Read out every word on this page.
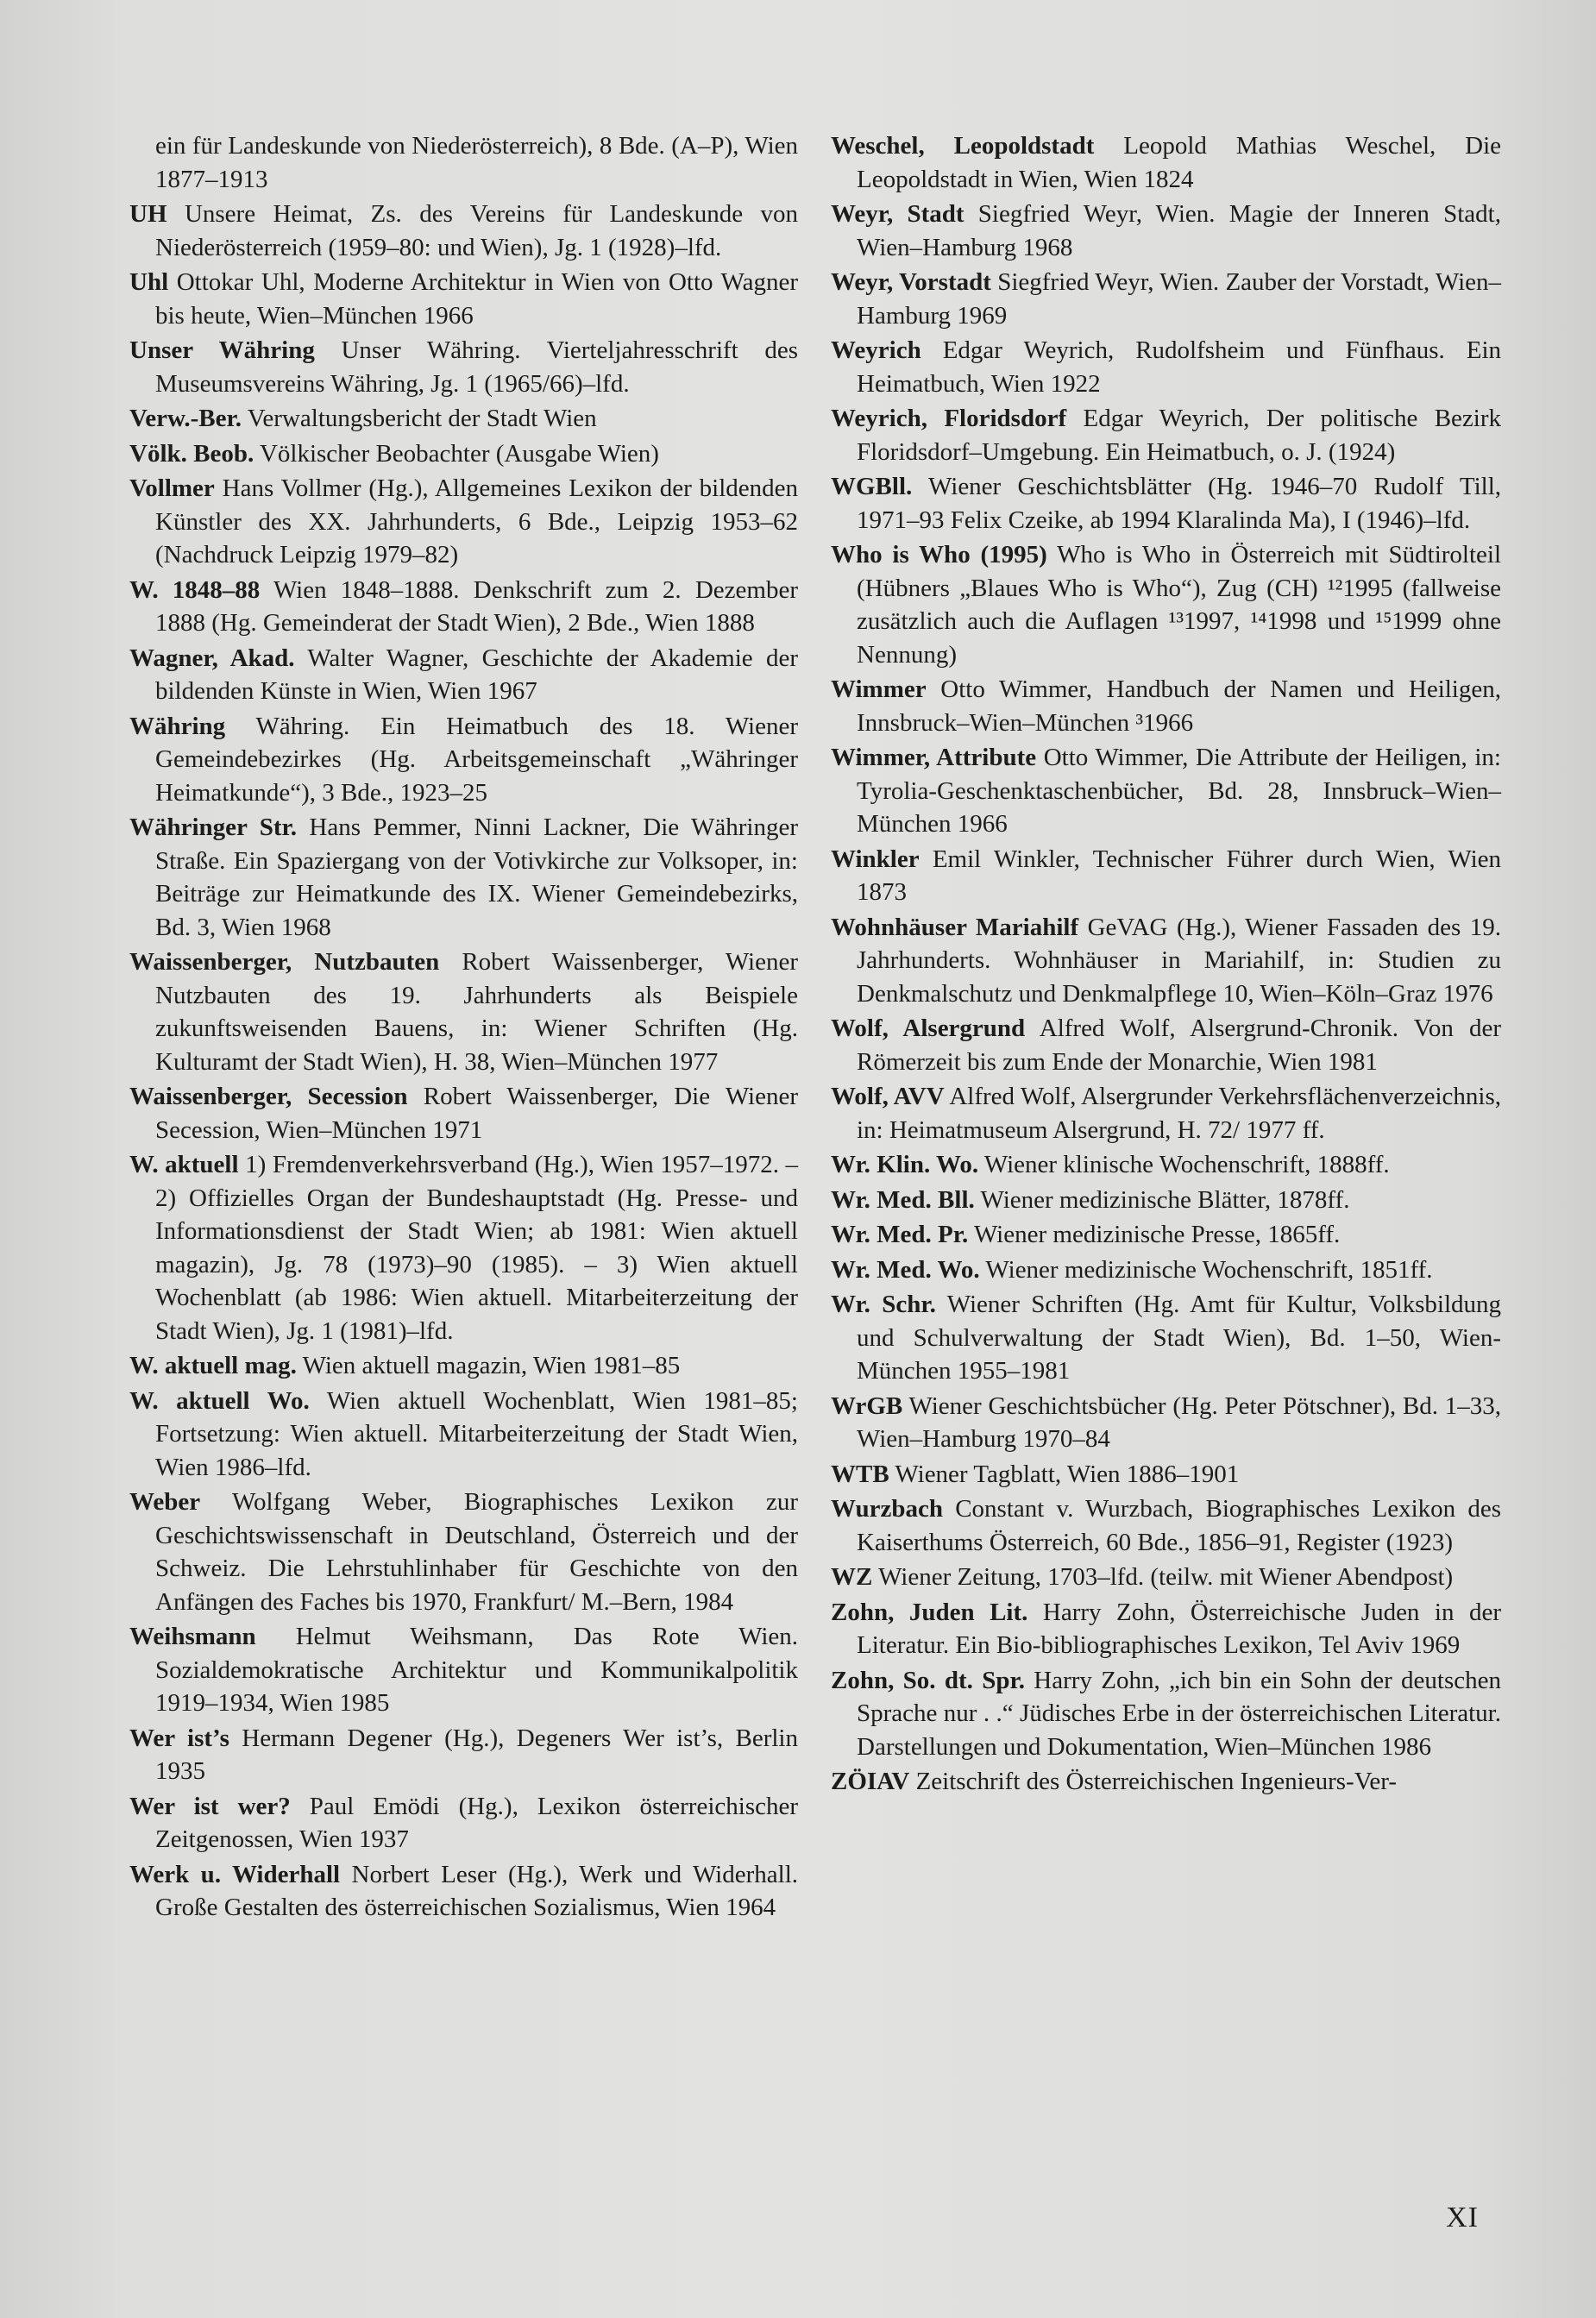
ein für Landeskunde von Niederösterreich), 8 Bde. (A–P), Wien 1877–1913
UH Unsere Heimat, Zs. des Vereins für Landeskunde von Niederösterreich (1959–80: und Wien), Jg. 1 (1928)–lfd.
Uhl Ottokar Uhl, Moderne Architektur in Wien von Otto Wagner bis heute, Wien–München 1966
Unser Währing Unser Währing. Vierteljahresschrift des Museumsvereins Währing, Jg. 1 (1965/66)–lfd.
Verw.-Ber. Verwaltungsbericht der Stadt Wien
Völk. Beob. Völkischer Beobachter (Ausgabe Wien)
Vollmer Hans Vollmer (Hg.), Allgemeines Lexikon der bildenden Künstler des XX. Jahrhunderts, 6 Bde., Leipzig 1953–62 (Nachdruck Leipzig 1979–82)
W. 1848–88 Wien 1848–1888. Denkschrift zum 2. Dezember 1888 (Hg. Gemeinderat der Stadt Wien), 2 Bde., Wien 1888
Wagner, Akad. Walter Wagner, Geschichte der Akademie der bildenden Künste in Wien, Wien 1967
Währing Währing. Ein Heimatbuch des 18. Wiener Gemeindebezirkes (Hg. Arbeitsgemeinschaft „Währinger Heimatkunde“), 3 Bde., 1923–25
Währinger Str. Hans Pemmer, Ninni Lackner, Die Währinger Straße. Ein Spaziergang von der Votivkirche zur Volksoper, in: Beiträge zur Heimatkunde des IX. Wiener Gemeindebezirks, Bd. 3, Wien 1968
Waissenberger, Nutzbauten Robert Waissenberger, Wiener Nutzbauten des 19. Jahrhunderts als Beispiele zukunftsweisenden Bauens, in: Wiener Schriften (Hg. Kulturamt der Stadt Wien), H. 38, Wien–München 1977
Waissenberger, Secession Robert Waissenberger, Die Wiener Secession, Wien–München 1971
W. aktuell 1) Fremdenverkehrsverband (Hg.), Wien 1957–1972. – 2) Offizielles Organ der Bundeshauptstadt (Hg. Presse- und Informationsdienst der Stadt Wien; ab 1981: Wien aktuell magazin), Jg. 78 (1973)–90 (1985). – 3) Wien aktuell Wochenblatt (ab 1986: Wien aktuell. Mitarbeiterzeitung der Stadt Wien), Jg. 1 (1981)–lfd.
W. aktuell mag. Wien aktuell magazin, Wien 1981–85
W. aktuell Wo. Wien aktuell Wochenblatt, Wien 1981–85; Fortsetzung: Wien aktuell. Mitarbeiterzeitung der Stadt Wien, Wien 1986–lfd.
Weber Wolfgang Weber, Biographisches Lexikon zur Geschichtswissenschaft in Deutschland, Österreich und der Schweiz. Die Lehrstuhlinhaber für Geschichte von den Anfängen des Faches bis 1970, Frankfurt/ M.–Bern, 1984
Weihsmann Helmut Weihsmann, Das Rote Wien. Sozialdemokratische Architektur und Kommunikalpolitik 1919–1934, Wien 1985
Wer ist’s Hermann Degener (Hg.), Degeners Wer ist’s, Berlin 1935
Wer ist wer? Paul Emödi (Hg.), Lexikon österreichischer Zeitgenossen, Wien 1937
Werk u. Widerhall Norbert Leser (Hg.), Werk und Widerhall. Große Gestalten des österreichischen Sozialismus, Wien 1964
Weschel, Leopoldstadt Leopold Mathias Weschel, Die Leopoldstadt in Wien, Wien 1824
Weyr, Stadt Siegfried Weyr, Wien. Magie der Inneren Stadt, Wien–Hamburg 1968
Weyr, Vorstadt Siegfried Weyr, Wien. Zauber der Vorstadt, Wien–Hamburg 1969
Weyrich Edgar Weyrich, Rudolfsheim und Fünfhaus. Ein Heimatbuch, Wien 1922
Weyrich, Floridsdorf Edgar Weyrich, Der politische Bezirk Floridsdorf–Umgebung. Ein Heimatbuch, o. J. (1924)
WGBll. Wiener Geschichtsblätter (Hg. 1946–70 Rudolf Till, 1971–93 Felix Czeike, ab 1994 Klaralinda Ma), I (1946)–lfd.
Who is Who (1995) Who is Who in Österreich mit Südtirolteil (Hübners „Blaues Who is Who“), Zug (CH) ¹²1995 (fallweise zusätzlich auch die Auflagen ¹³1997, ¹⁴1998 und ¹⁵1999 ohne Nennung)
Wimmer Otto Wimmer, Handbuch der Namen und Heiligen, Innsbruck–Wien–München ³1966
Wimmer, Attribute Otto Wimmer, Die Attribute der Heiligen, in: Tyrolia-Geschenktaschenbücher, Bd. 28, Innsbruck–Wien–München 1966
Winkler Emil Winkler, Technischer Führer durch Wien, Wien 1873
Wohnhäuser Mariahilf GeVAG (Hg.), Wiener Fassaden des 19. Jahrhunderts. Wohnhäuser in Mariahilf, in: Studien zu Denkmalschutz und Denkmalpflege 10, Wien–Köln–Graz 1976
Wolf, Alsergrund Alfred Wolf, Alsergrund-Chronik. Von der Römerzeit bis zum Ende der Monarchie, Wien 1981
Wolf, AVV Alfred Wolf, Alsergrunder Verkehrsflächenverzeichnis, in: Heimatmuseum Alsergrund, H. 72/ 1977 ff.
Wr. Klin. Wo. Wiener klinische Wochenschrift, 1888ff.
Wr. Med. Bll. Wiener medizinische Blätter, 1878ff.
Wr. Med. Pr. Wiener medizinische Presse, 1865ff.
Wr. Med. Wo. Wiener medizinische Wochenschrift, 1851ff.
Wr. Schr. Wiener Schriften (Hg. Amt für Kultur, Volksbildung und Schulverwaltung der Stadt Wien), Bd. 1–50, Wien-München 1955–1981
WrGB Wiener Geschichtsbücher (Hg. Peter Pötschner), Bd. 1–33, Wien–Hamburg 1970–84
WTB Wiener Tagblatt, Wien 1886–1901
Wurzbach Constant v. Wurzbach, Biographisches Lexikon des Kaiserthums Österreich, 60 Bde., 1856–91, Register (1923)
WZ Wiener Zeitung, 1703–lfd. (teilw. mit Wiener Abendpost)
Zohn, Juden Lit. Harry Zohn, Österreichische Juden in der Literatur. Ein Bio-bibliographisches Lexikon, Tel Aviv 1969
Zohn, So. dt. Spr. Harry Zohn, „ich bin ein Sohn der deutschen Sprache nur . .“ Jüdisches Erbe in der österreichischen Literatur. Darstellungen und Dokumentation, Wien–München 1986
ZÖIAV Zeitschrift des Österreichischen Ingenieurs-Ver-
XI
